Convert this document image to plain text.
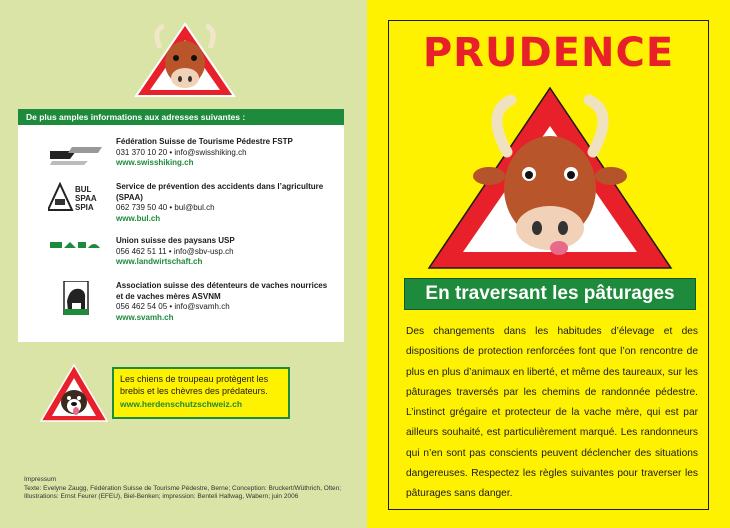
De plus amples informations aux adresses suivantes :
Fédération Suisse de Tourisme Pédestre FSTP
031 370 10 20 • info@swisshiking.ch
www.swisshiking.ch
BUL
SPAA
SPIA
Service de prévention des accidents dans l’agriculture (SPAA)
062 739 50 40 • bul@bul.ch
www.bul.ch
Union suisse des paysans USP
056 462 51 11 • info@sbv-usp.ch
www.landwirtschaft.ch
Association suisse des détenteurs de vaches nourrices et de vaches mères ASVNM
056 462 54 05 • info@svamh.ch
www.svamh.ch
Les chiens de troupeau protègent les brebis et les chèvres des prédateurs.
www.herdenschutzschweiz.ch
Impressum
Texte: Evelyne Zaugg, Fédération Suisse de Tourisme Pédestre, Berne; Conception: Bruckert/Wüthrich, Olten;
Illustrations: Ernst Feurer (EFEU), Biel-Benken; impression: Benteli Hallwag, Wabern; juin 2006
PRUDENCE
En traversant les pâturages
Des changements dans les habitudes d’élevage et des dispositions de protection renforcées font que l’on rencontre de plus en plus d’animaux en liberté, et même des taureaux, sur les pâturages traversés par les chemins de randonnée pédestre. L’instinct grégaire et protecteur de la vache mère, qui est par ailleurs souhaité, est particulièrement marqué. Les randonneurs qui n’en sont pas conscients peuvent déclencher des situations dangereuses. Respectez les règles suivantes pour traverser les pâturages sans danger.
